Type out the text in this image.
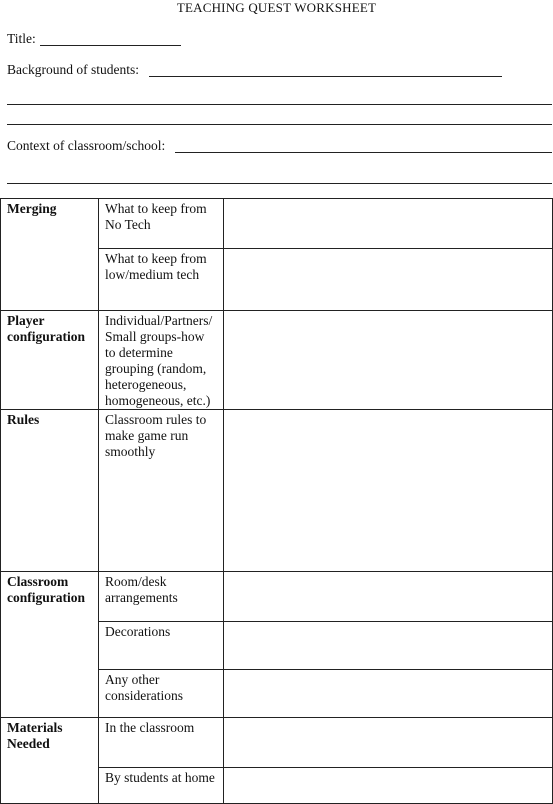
TEACHING QUEST WORKSHEET
Title:
Background of students:
Context of classroom/school:
Merging	What to keep from No Tech	
	What to keep from low/medium tech	
Player configuration	Individual/Partners/ Small groups-how to determine grouping (random, heterogeneous, homogeneous, etc.)	
Rules	Classroom rules to make game run smoothly	
Classroom configuration	Room/desk arrangements	
	Decorations	
	Any other considerations	
Materials Needed	In the classroom	
	By students at home	
